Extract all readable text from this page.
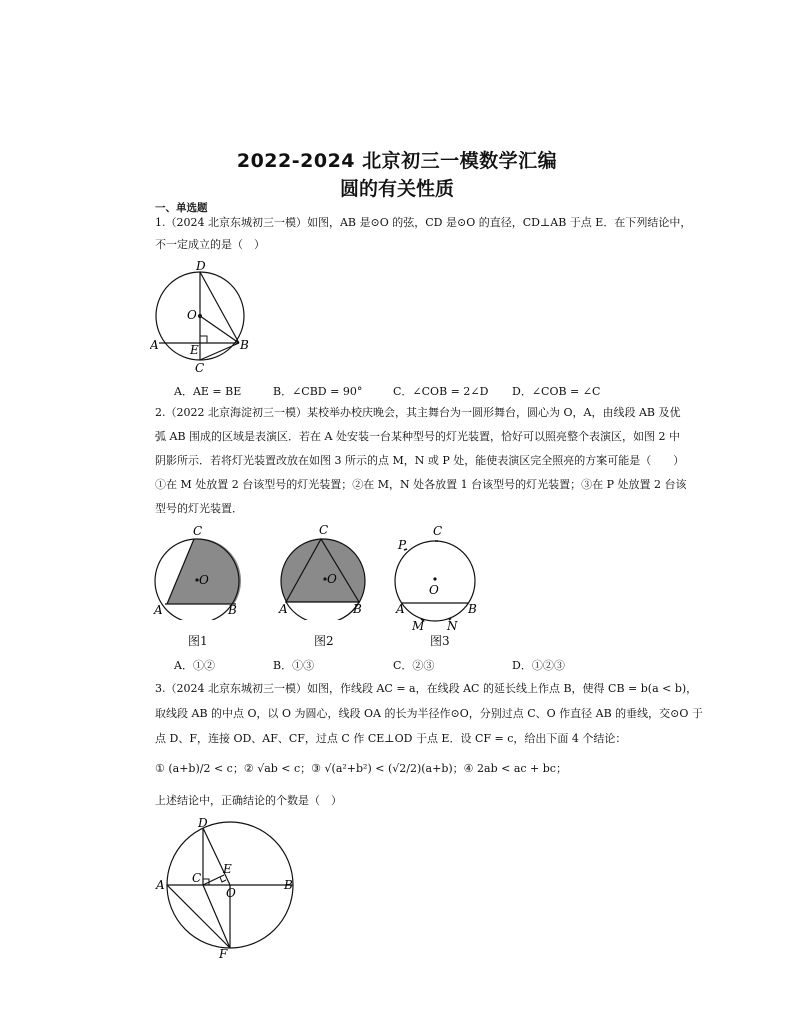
2022-2024 北京初三一模数学汇编
圆的有关性质
一、单选题
1.（2024 北京东城初三一模）如图，AB 是⊙O 的弦，CD 是⊙O 的直径，CD⊥AB 于点 E．在下列结论中，
不一定成立的是（　）
D
O
A	E	B
C
A．AE = BE	B．∠CBD = 90°	C．∠COB = 2∠D D．∠COB = ∠C
2.（2022 北京海淀初三一模）某校举办校庆晚会，其主舞台为一圆形舞台，圆心为 O，A，由线段 AB 及优
弧 AB 围成的区域是表演区．若在 A 处安装一台某种型号的灯光装置，恰好可以照亮整个表演区，如图 2 中
阴影所示．若将灯光装置改放在如图 3 所示的点 M，N 或 P 处，能使表演区完全照亮的方案可能是（　　）
①在 M 处放置 2 台该型号的灯光装置；②在 M，N 处各放置 1 台该型号的灯光装置；③在 P 处放置 2 台该
型号的灯光装置．
C
O
A	B
图1
C
O
A	B
图2
P
C
O
A	B
M N
图3
A．①②	B．①③	C．②③	D．①②③
3.（2024 北京东城初三一模）如图，作线段 AC = a，在线段 AC 的延长线上作点 B，使得 CB = b(a < b)，
取线段 AB 的中点 O，以 O 为圆心，线段 OA 的长为半径作⊙O，分别过点 C、O 作直径 AB 的垂线，交⊙O 于
点 D、F，连接 OD、AF、CF，过点 C 作 CE⊥OD 于点 E．设 CF = c，给出下面 4 个结论：
① (a+b)/2 < c；② √ab < c；③ √(a²+b²) < (√2/2)(a+b)；④ 2ab < ac + bc；
上述结论中，正确结论的个数是（　）
D
E
A C
O
B
F
